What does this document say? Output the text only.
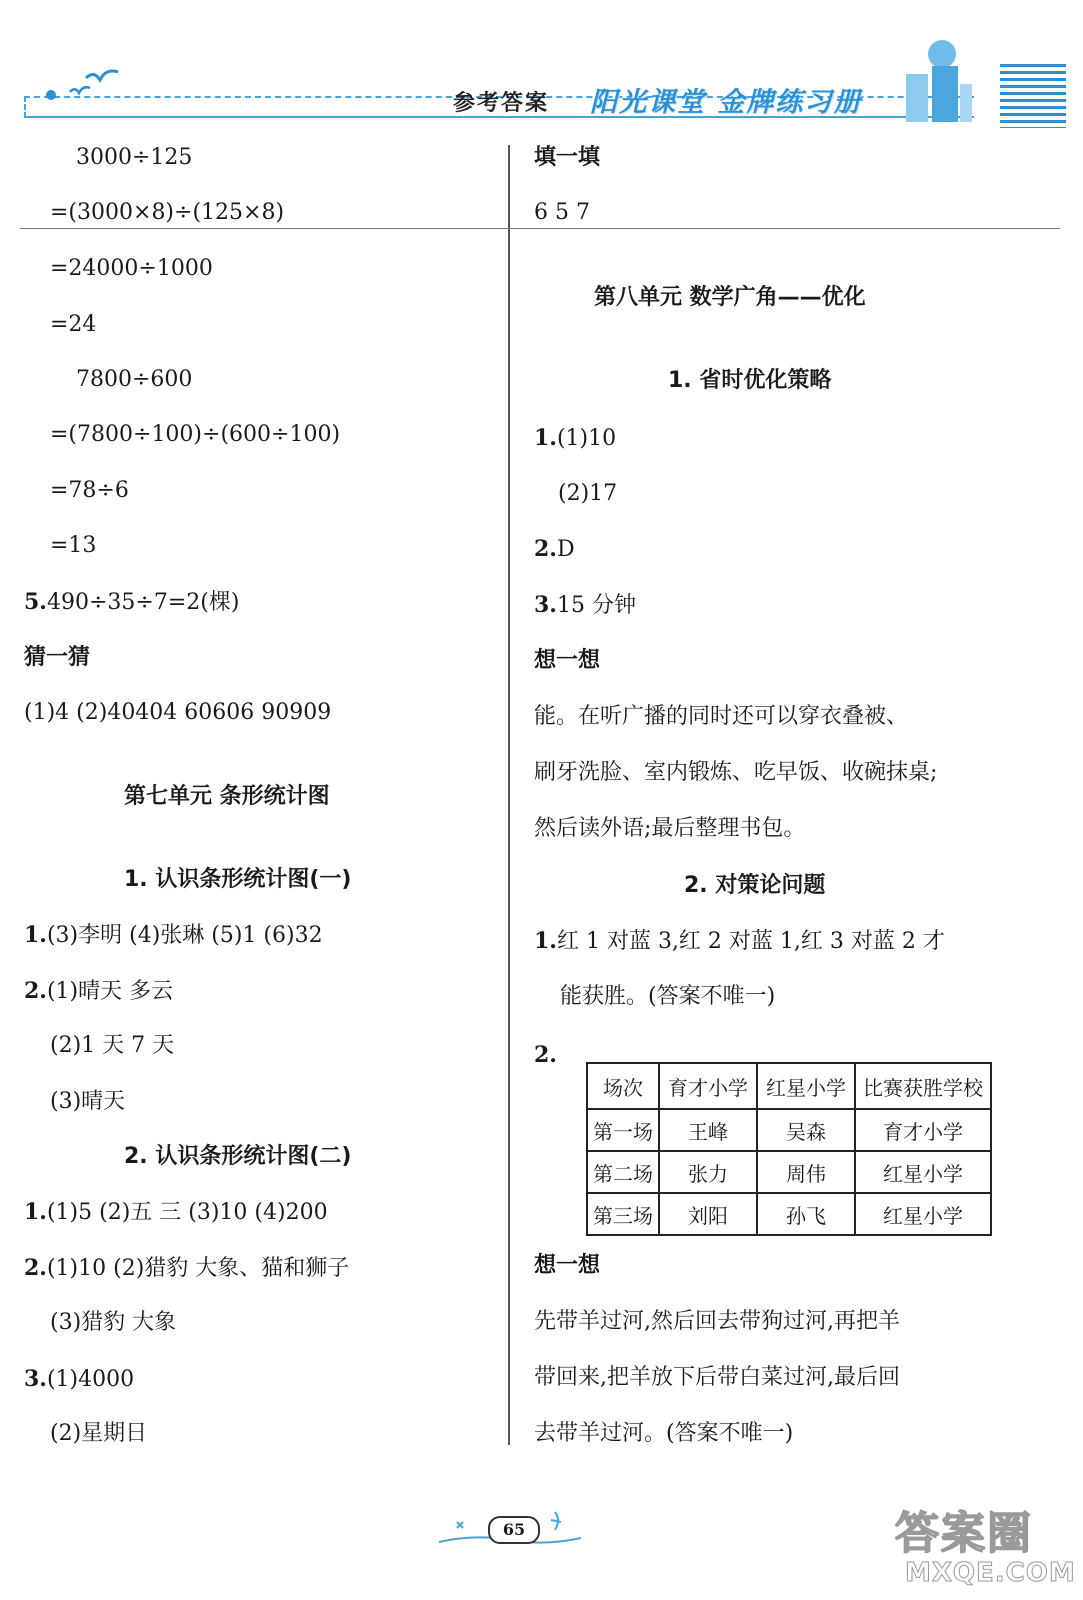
参考答案 阳光课堂 金牌练习册
3000÷125
=(3000×8)÷(125×8)
=24000÷1000
=24
7800÷600
=(7800÷100)÷(600÷100)
=78÷6
=13
5.490÷35÷7=2(棵)
猜一猜
(1)4 (2)40404 60606 90909
第七单元 条形统计图
1. 认识条形统计图(一)
1.(3)李明 (4)张琳 (5)1 (6)32
2.(1)晴天 多云
(2)1 天 7 天
(3)晴天
2. 认识条形统计图(二)
1.(1)5 (2)五 三 (3)10 (4)200
2.(1)10 (2)猎豹 大象、猫和狮子
(3)猎豹 大象
3.(1)4000
(2)星期日
填一填
6 5 7
第八单元 数学广角——优化
1. 省时优化策略
1.(1)10
(2)17
2.D
3.15 分钟
想一想
能。在听广播的同时还可以穿衣叠被、
刷牙洗脸、室内锻炼、吃早饭、收碗抹桌;
然后读外语;最后整理书包。
2. 对策论问题
1.红 1 对蓝 3,红 2 对蓝 1,红 3 对蓝 2 才
能获胜。(答案不唯一)
2.
场次	育才小学	红星小学	比赛获胜学校
第一场	王峰	吴森	育才小学
第二场	张力	周伟	红星小学
第三场	刘阳	孙飞	红星小学
想一想
先带羊过河,然后回去带狗过河,再把羊
带回来,把羊放下后带白菜过河,最后回
去带羊过河。(答案不唯一)
65	答案圈
MXQE.COM
